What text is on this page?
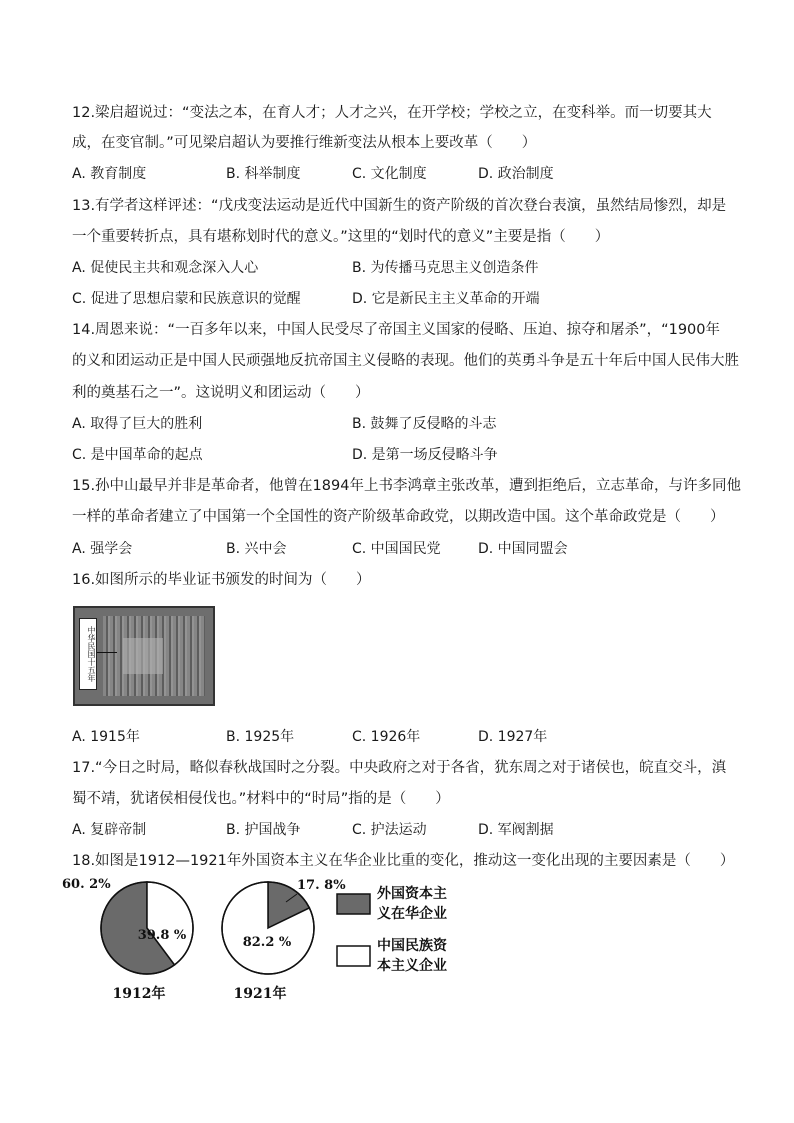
12.梁启超说过：“变法之本，在育人才；人才之兴，在开学校；学校之立，在变科举。而一切要其大
成，在变官制。”可见梁启超认为要推行维新变法从根本上要改革（　　）
A. 教育制度	B. 科举制度	C. 文化制度	D. 政治制度
13.有学者这样评述：“戊戌变法运动是近代中国新生的资产阶级的首次登台表演，虽然结局惨烈，却是
一个重要转折点，具有堪称划时代的意义。”这里的“划时代的意义”主要是指（　　）
A. 促使民主共和观念深入人心	B. 为传播马克思主义创造条件
C. 促进了思想启蒙和民族意识的觉醒	D. 它是新民主主义革命的开端
14.周恩来说：“一百多年以来，中国人民受尽了帝国主义国家的侵略、压迫、掠夺和屠杀”，“1900年
的义和团运动正是中国人民顽强地反抗帝国主义侵略的表现。他们的英勇斗争是五十年后中国人民伟大胜
利的奠基石之一”。这说明义和团运动（　　）
A. 取得了巨大的胜利	B. 鼓舞了反侵略的斗志
C. 是中国革命的起点	D. 是第一场反侵略斗争
15.孙中山最早并非是革命者，他曾在1894年上书李鸿章主张改革，遭到拒绝后，立志革命，与许多同他
一样的革命者建立了中国第一个全国性的资产阶级革命政党，以期改造中国。这个革命政党是（　　）
A. 强学会	B. 兴中会	C. 中国国民党	D. 中国同盟会
16.如图所示的毕业证书颁发的时间为（　　）
中华民国十五年
A. 1915年	B. 1925年	C. 1926年	D. 1927年
17.“今日之时局，略似春秋战国时之分裂。中央政府之对于各省，犹东周之对于诸侯也，皖直交斗，滇
蜀不靖，犹诸侯相侵伐也。”材料中的“时局”指的是（　　）
A. 复辟帝制	B. 护国战争	C. 护法运动	D. 军阀割据
18.如图是1912—1921年外国资本主义在华企业比重的变化，推动这一变化出现的主要因素是（　　）
60. 2%
39.8 %
1912年
17. 8%
82.2 %
1921年
外国资本主
义在华企业
中国民族资
本主义企业
